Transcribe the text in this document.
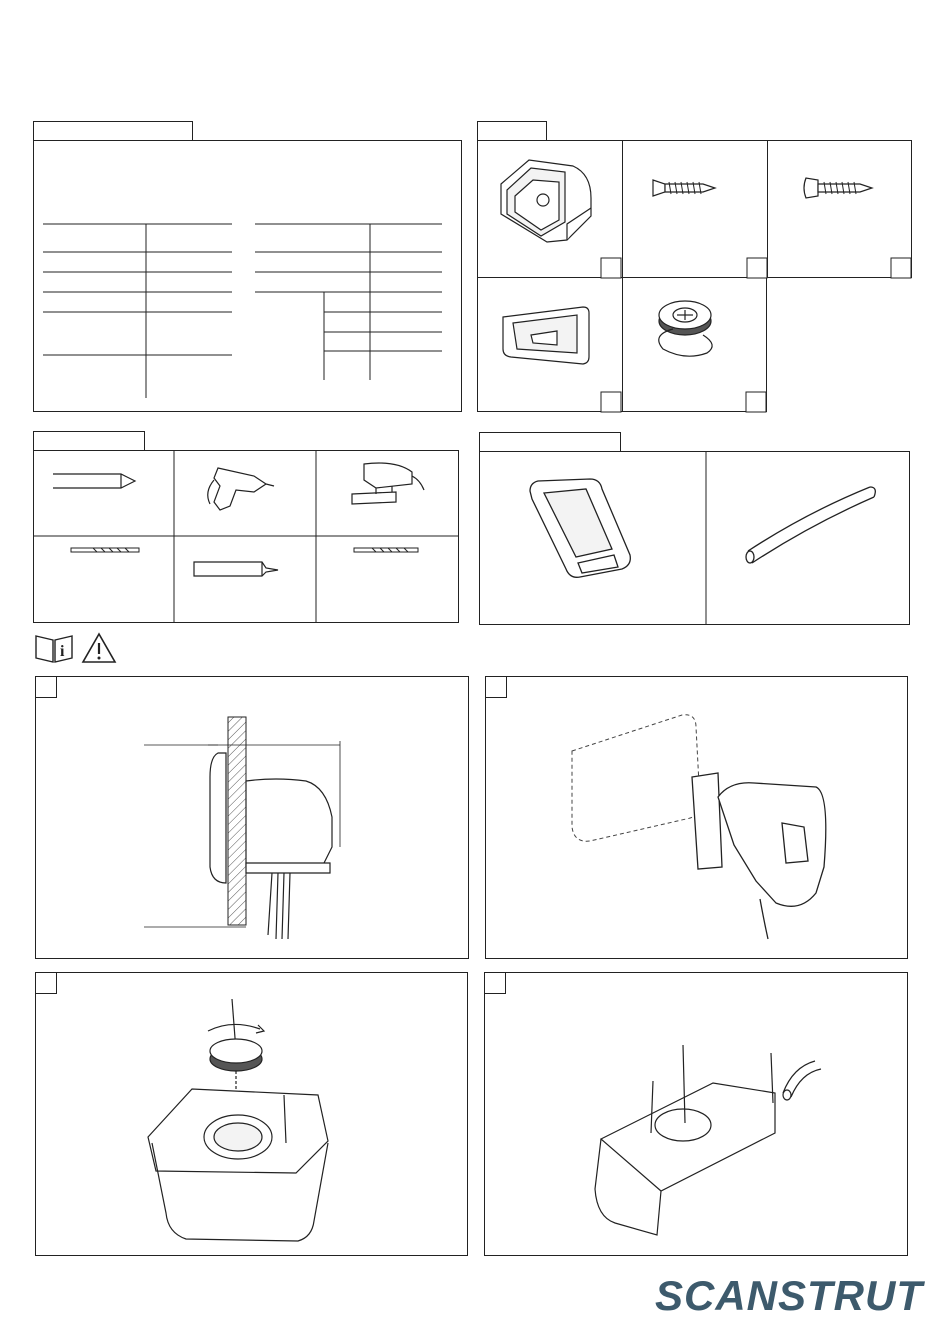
i
SCANSTRUT
